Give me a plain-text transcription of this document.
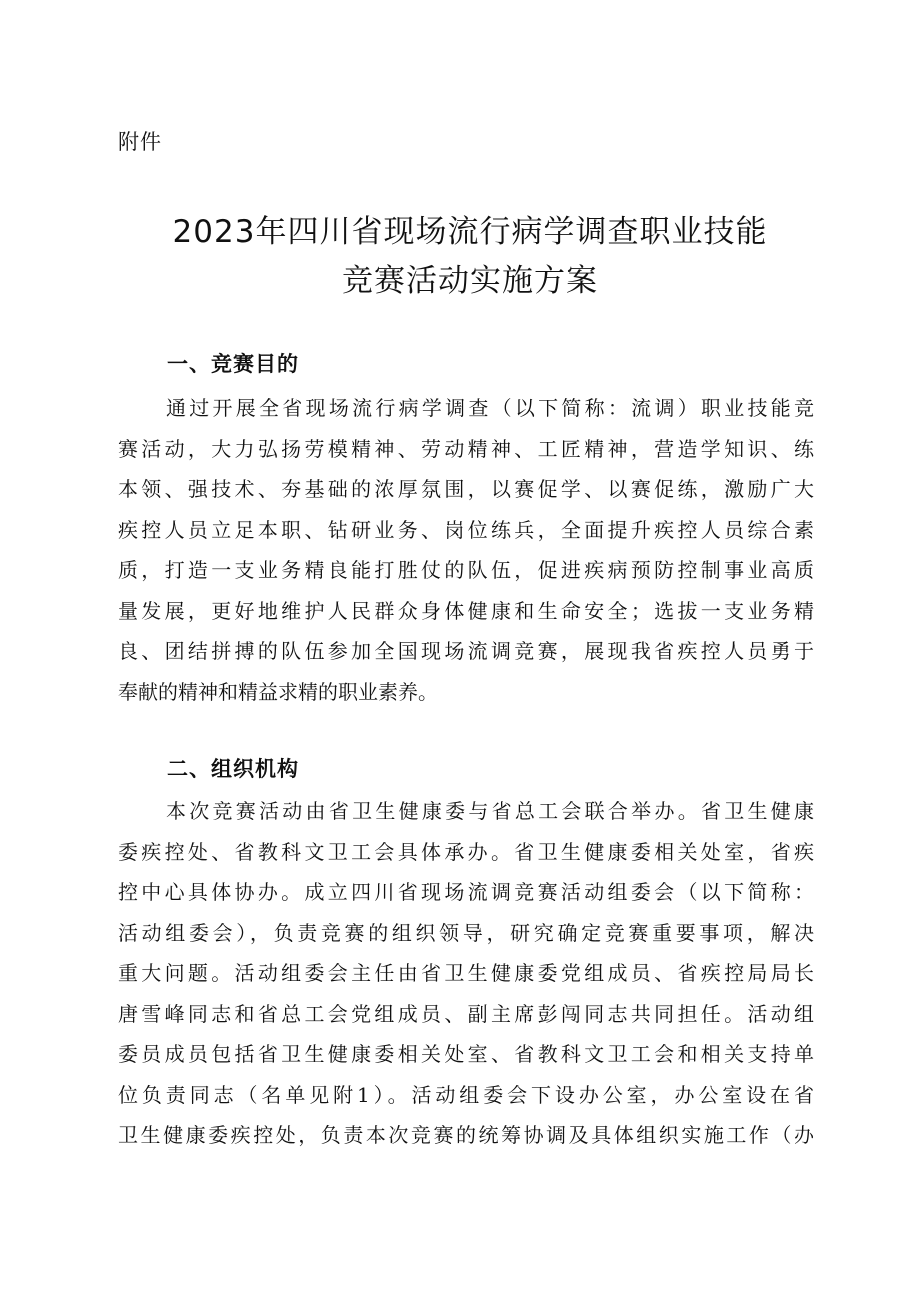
附件
2023年四川省现场流行病学调查职业技能
竞赛活动实施方案
一、竞赛目的
通过开展全省现场流行病学调查（以下简称：流调）职业技能竞
赛活动，大力弘扬劳模精神、劳动精神、工匠精神，营造学知识、练
本领、强技术、夯基础的浓厚氛围，以赛促学、以赛促练，激励广大
疾控人员立足本职、钻研业务、岗位练兵，全面提升疾控人员综合素
质，打造一支业务精良能打胜仗的队伍，促进疾病预防控制事业高质
量发展，更好地维护人民群众身体健康和生命安全；选拔一支业务精
良、团结拼搏的队伍参加全国现场流调竞赛，展现我省疾控人员勇于
奉献的精神和精益求精的职业素养。
二、组织机构
本次竞赛活动由省卫生健康委与省总工会联合举办。省卫生健康
委疾控处、省教科文卫工会具体承办。省卫生健康委相关处室，省疾
控中心具体协办。成立四川省现场流调竞赛活动组委会（以下简称：
活动组委会），负责竞赛的组织领导，研究确定竞赛重要事项，解决
重大问题。活动组委会主任由省卫生健康委党组成员、省疾控局局长
唐雪峰同志和省总工会党组成员、副主席彭闯同志共同担任。活动组
委员成员包括省卫生健康委相关处室、省教科文卫工会和相关支持单
位负责同志（名单见附1）。活动组委会下设办公室，办公室设在省
卫生健康委疾控处，负责本次竞赛的统筹协调及具体组织实施工作（办
